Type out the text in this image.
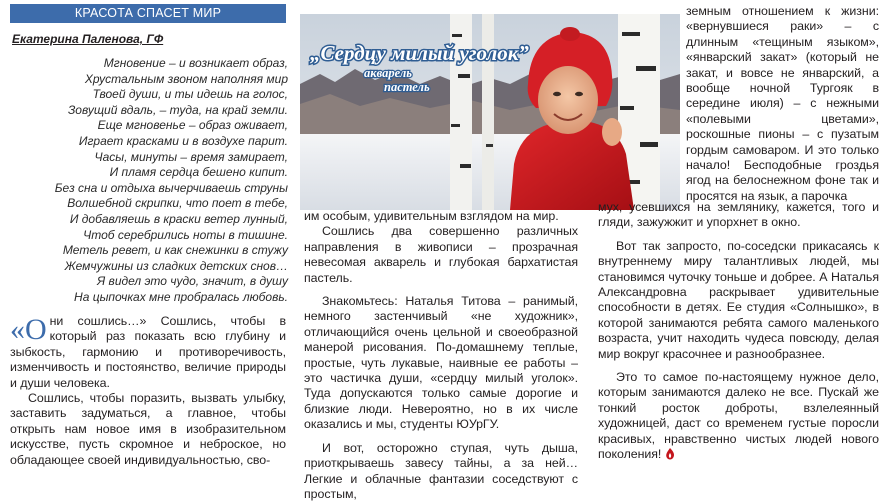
КРАСОТА СПАСЕТ МИР
Екатерина Паленова, ГФ
Мгновение – и возникает образ,
Хрустальным звоном наполняя мир
Твоей души, и ты идешь на голос,
Зовущий вдаль, – туда, на край земли.
Еще мгновенье – образ оживает,
Играет красками и в воздухе парит.
Часы, минуты – время замирает,
И пламя сердца бешено кипит.
Без сна и отдыха вычерчиваешь струны
Волшебной скрипки, что поет в тебе,
И добавляешь в краски ветер лунный,
Чтоб серебрились ноты в тишине.
Метель ревет, и как снежинки в стужу
Жемчужины из сладких детских снов…
Я видел это чудо, значит, в душу
На цыпочках мне пробралась любовь.
„Сердцу милый уголок”
акварель
пастель

«О ни сошлись…» Сошлись, чтобы в который раз показать всю глубину и зыбкость, гармонию и противоречивость, изменчивость и постоянство, величие природы и души человека.

Сошлись, чтобы поразить, вызвать улыбку, заставить задуматься, а главное, чтобы открыть нам новое имя в изобразительном искусстве, пусть скромное и неброское, но обладающее своей индивидуальностью, сво-

им особым, удивительным взглядом на мир.

Сошлись два совершенно различных направления в живописи – прозрачная невесомая акварель и глубокая бархатистая пастель.

Знакомьтесь: Наталья Титова – ранимый, немного застенчивый «не художник», отличающийся очень цельной и своеобразной манерой рисования. По-домашнему теплые, простые, чуть лукавые, наивные ее работы – это частичка души, «сердцу милый уголок». Туда допускаются только самые дорогие и близкие люди. Невероятно, но в их числе оказались и мы, студенты ЮУрГУ.

И вот, осторожно ступая, чуть дыша, приоткрываешь завесу тайны, а за ней… Легкие и облачные фантазии соседствуют с простым,

земным отношением к жизни: «вернувшиеся раки» – с длинным «тещиным языком», «январский закат» (который не закат, и вовсе не январский, а вообще ночной Тургояк в середине июля) – с нежными «полевыми цветами», роскошные пионы – с пузатым гордым самоваром. И это только начало! Бесподобные гроздья ягод на белоснежном фоне так и просятся на язык, а парочка

мух, усевшихся на землянику, кажется, того и гляди, зажужжит и упорхнет в окно.

Вот так запросто, по-соседски прикасаясь к внутреннему миру талантливых людей, мы становимся чуточку тоньше и добрее. А Наталья Александровна раскрывает удивительные способности в детях. Ее студия «Солнышко», в которой занимаются ребята самого маленького возраста, учит находить чудеса повсюду, делая мир вокруг красочнее и разнообразнее.

Это то самое по-настоящему нужное дело, которым занимаются далеко не все. Пускай же тонкий росток доброты, взлелеянный художницей, даст со временем густые поросли красивых, нравственно чистых людей нового поколения!
